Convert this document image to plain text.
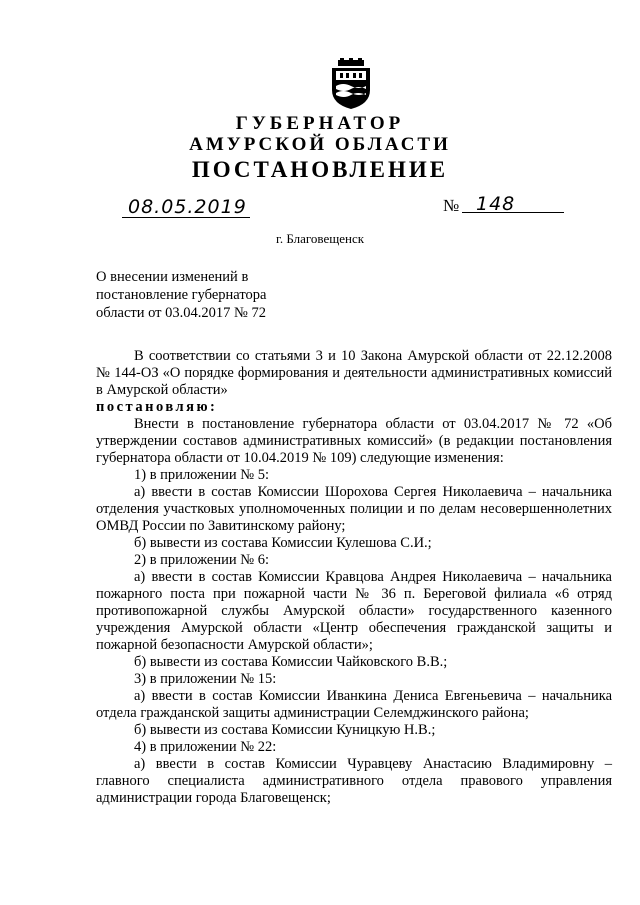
ГУБЕРНАТОР
АМУРСКОЙ ОБЛАСТИ
ПОСТАНОВЛЕНИЕ
08.05.2019	№ 148
г. Благовещенск
О внесении изменений в
постановление губернатора
области от 03.04.2017 № 72

В соответствии со статьями 3 и 10 Закона Амурской области от 22.12.2008 № 144-ОЗ «О порядке формирования и деятельности административных комиссий в Амурской области»

постановляю:

Внести в постановление губернатора области от 03.04.2017 № 72 «Об утверждении составов административных комиссий» (в редакции постановления губернатора области от 10.04.2019 № 109) следующие изменения:

1) в приложении № 5:

а) ввести в состав Комиссии Шорохова Сергея Николаевича – начальника отделения участковых уполномоченных полиции и по делам несовершеннолетних ОМВД России по Завитинскому району;

б) вывести из состава Комиссии Кулешова С.И.;

2) в приложении № 6:

а) ввести в состав Комиссии Кравцова Андрея Николаевича – начальника пожарного поста при пожарной части № 36 п. Береговой филиала «6 отряд противопожарной службы Амурской области» государственного казенного учреждения Амурской области «Центр обеспечения гражданской защиты и пожарной безопасности Амурской области»;

б) вывести из состава Комиссии Чайковского В.В.;

3) в приложении № 15:

а) ввести в состав Комиссии Иванкина Дениса Евгеньевича – начальника отдела гражданской защиты администрации Селемджинского района;

б) вывести из состава Комиссии Куницкую Н.В.;

4) в приложении № 22:

а) ввести в состав Комиссии Чуравцеву Анастасию Владимировну – главного специалиста административного отдела правового управления администрации города Благовещенск;
